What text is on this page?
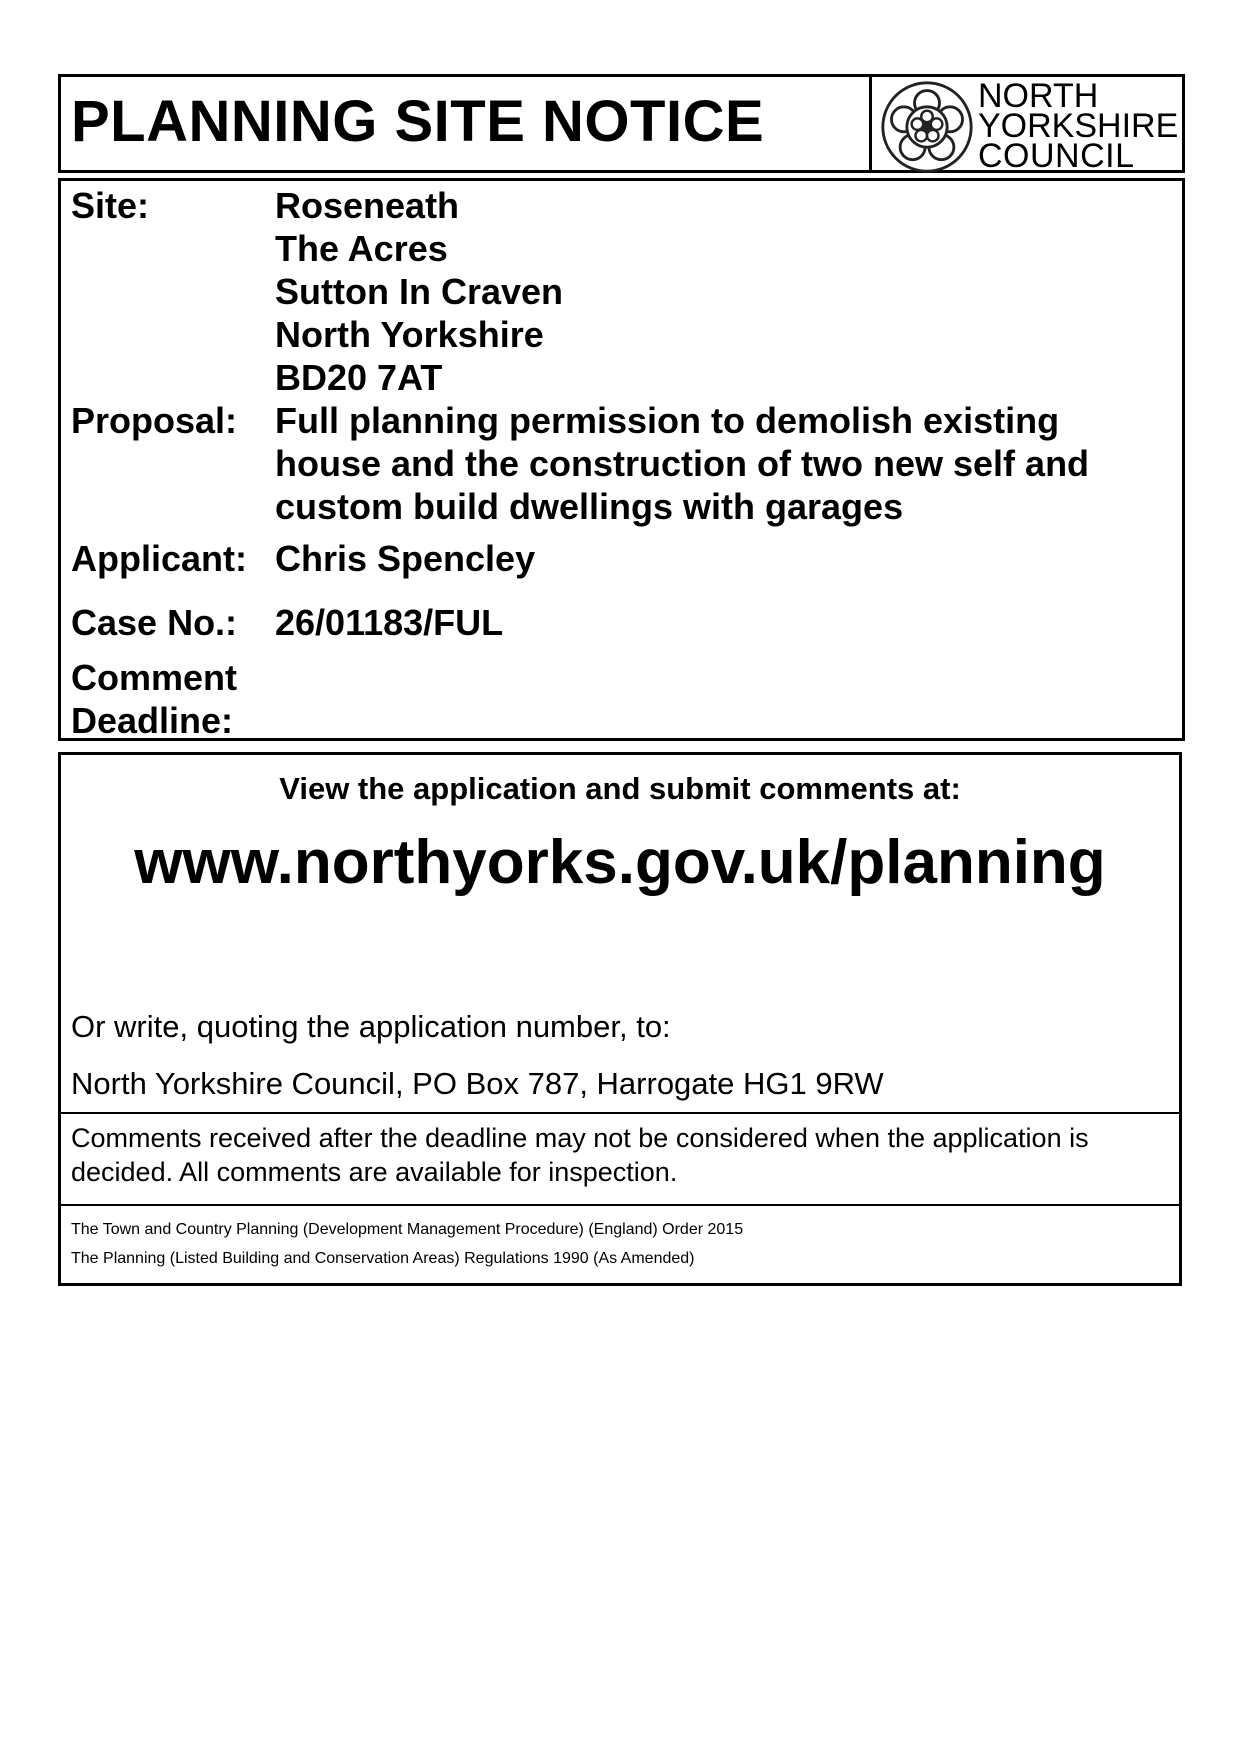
PLANNING SITE NOTICE	NORTH
YORKSHIRE
COUNCIL
Site:	Roseneath
The Acres
Sutton In Craven
North Yorkshire
BD20 7AT
Proposal: Full planning permission to demolish existing
house and the construction of two new self and
custom build dwellings with garages
Applicant: Chris Spencley
Case No.: 26/01183/FUL
Comment
Deadline:
View the application and submit comments at:
www.northyorks.gov.uk/planning
Or write, quoting the application number, to:
North Yorkshire Council, PO Box 787, Harrogate HG1 9RW
Comments received after the deadline may not be considered when the application is decided. All comments are available for inspection.
The Town and Country Planning (Development Management Procedure) (England) Order 2015
The Planning (Listed Building and Conservation Areas) Regulations 1990 (As Amended)
